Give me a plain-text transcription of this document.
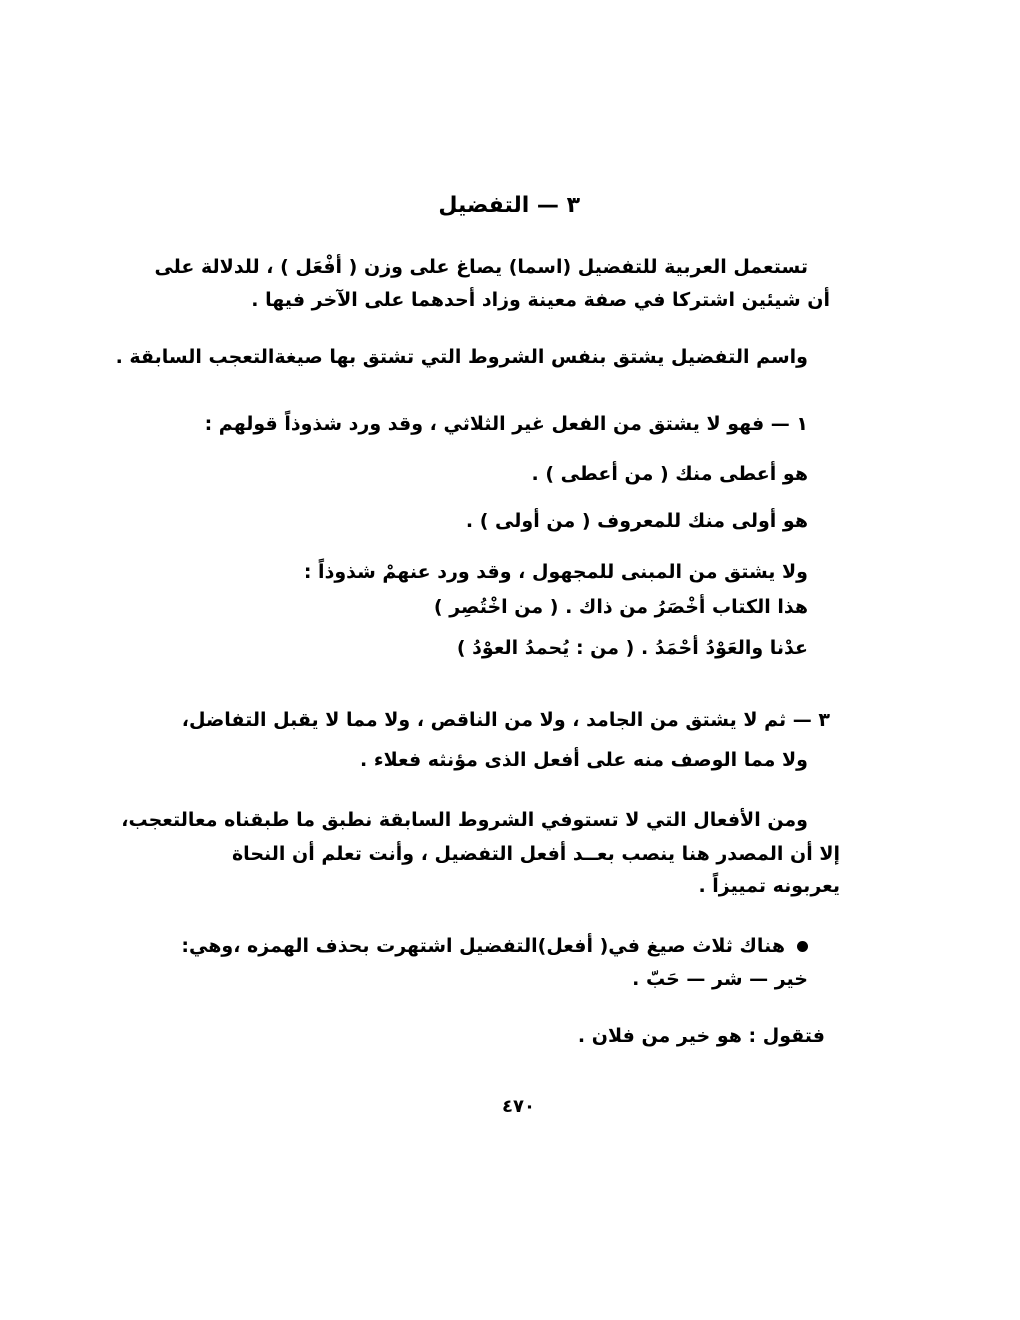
٣ — التفضيل
تستعمل العربية للتفضيل (اسما) يصاغ على وزن ( أفْعَل ) ، للدلالة على
أن شيئين اشتركا في صفة معينة وزاد أحدهما على الآخر فيها .
واسم التفضيل يشتق بنفس الشروط التي تشتق بها صيغةالتعجب السابقة .
١ — فهو لا يشتق من الفعل غير الثلاثي ، وقد ورد شذوذاً قولهم :
هو أعطى منك ( من أعطى ) .
هو أولى منك للمعروف ( من أولى ) .
ولا يشتق من المبنى للمجهول ، وقد ورد عنهمْ شذوذاً :
هذا الكتاب أخْصَرُ من ذاك . ( من اخْتُصِر )
عدْنا والعَوْدُ أحْمَدُ . ( من : يُحمدُ العوْدُ )
٣ — ثم لا يشتق من الجامد ، ولا من الناقص ، ولا مما لا يقبل التفاضل،
ولا مما الوصف منه على أفعل الذى مؤنثه فعلاء .
ومن الأفعال التي لا تستوفي الشروط السابقة نطبق ما طبقناه معالتعجب،
إلا أن المصدر هنا ينصب بعــد أفعل التفضيل ، وأنت تعلم أن النحاة
يعربونه تمييزاً .
هناك ثلاث صيغ في( أفعل)التفضيل اشتهرت بحذف الهمزه ،وهي:
خير — شر — حَبّ .
فتقول : هو خير من فلان .
٤٧٠
